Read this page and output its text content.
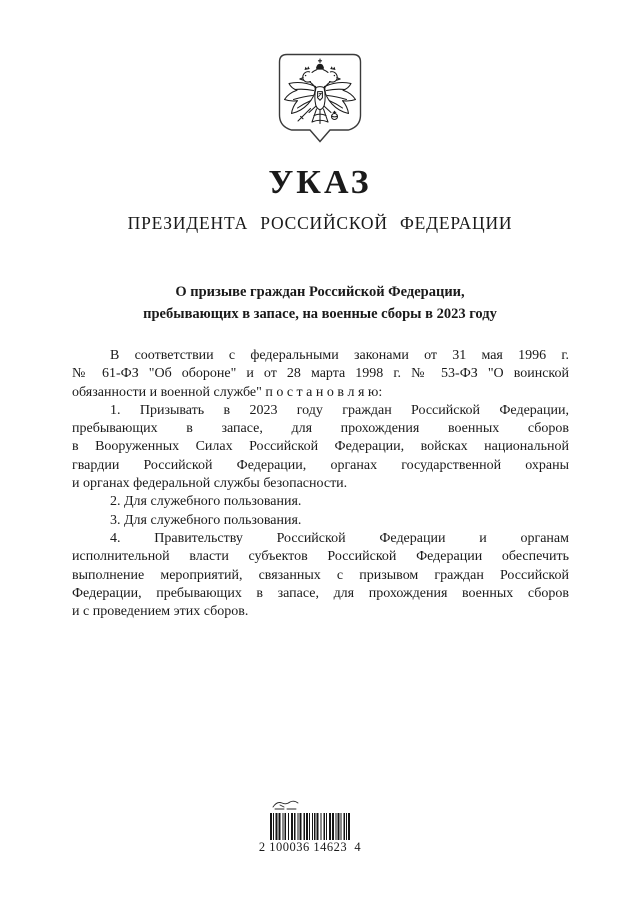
УКАЗ
ПРЕЗИДЕНТА РОССИЙСКОЙ ФЕДЕРАЦИИ
О призыве граждан Российской Федерации,
пребывающих в запасе, на военные сборы в 2023 году
В соответствии с федеральными законами от 31 мая 1996 г.
№ 61-ФЗ "Об обороне" и от 28 марта 1998 г. № 53-ФЗ "О воинской
обязанности и военной службе" п о с т а н о в л я ю:
1. Призывать в 2023 году граждан Российской Федерации,
пребывающих в запасе, для прохождения военных сборов
в Вооруженных Силах Российской Федерации, войсках национальной
гвардии Российской Федерации, органах государственной охраны
и органах федеральной службы безопасности.
2. Для служебного пользования.
3. Для служебного пользования.
4. Правительству Российской Федерации и органам
исполнительной власти субъектов Российской Федерации обеспечить
выполнение мероприятий, связанных с призывом граждан Российской
Федерации, пребывающих в запасе, для прохождения военных сборов
и с проведением этих сборов.
2 100036 14623  4
